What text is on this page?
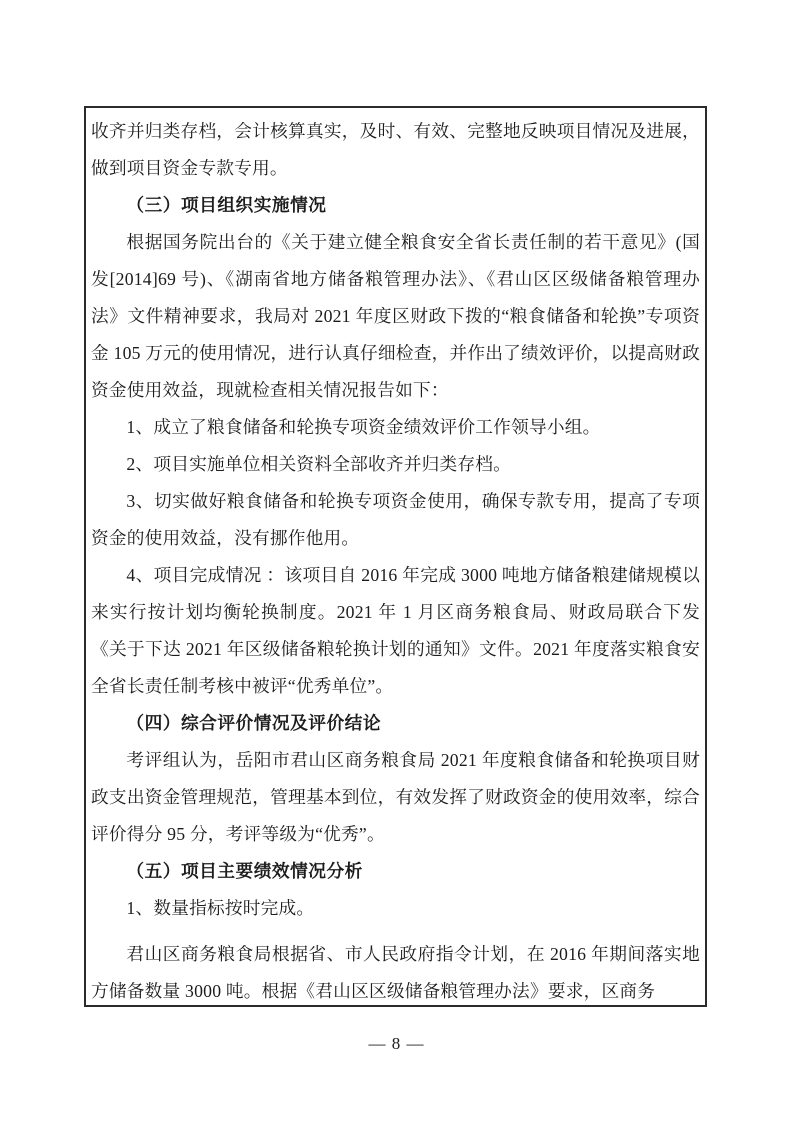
收齐并归类存档，会计核算真实，及时、有效、完整地反映项目情况及进展，做到项目资金专款专用。
（三）项目组织实施情况
根据国务院出台的《关于建立健全粮食安全省长责任制的若干意见》(国发[2014]69 号)、《湖南省地方储备粮管理办法》、《君山区区级储备粮管理办法》文件精神要求，我局对 2021 年度区财政下拨的“粮食储备和轮换”专项资金 105 万元的使用情况，进行认真仔细检查，并作出了绩效评价，以提高财政资金使用效益，现就检查相关情况报告如下：
1、成立了粮食储备和轮换专项资金绩效评价工作领导小组。
2、项目实施单位相关资料全部收齐并归类存档。
3、切实做好粮食储备和轮换专项资金使用，确保专款专用，提高了专项资金的使用效益，没有挪作他用。
4、项目完成情况 ：该项目自 2016 年完成 3000 吨地方储备粮建储规模以来实行按计划均衡轮换制度。2021 年 1 月区商务粮食局、财政局联合下发《关于下达 2021 年区级储备粮轮换计划的通知》文件。2021 年度落实粮食安全省长责任制考核中被评“优秀单位”。
（四）综合评价情况及评价结论
考评组认为，岳阳市君山区商务粮食局 2021 年度粮食储备和轮换项目财政支出资金管理规范，管理基本到位，有效发挥了财政资金的使用效率，综合评价得分 95 分，考评等级为“优秀”。
（五）项目主要绩效情况分析
1、数量指标按时完成。
君山区商务粮食局根据省、市人民政府指令计划，在 2016 年期间落实地方储备数量 3000 吨。根据《君山区区级储备粮管理办法》要求，区商务
— 8 —
